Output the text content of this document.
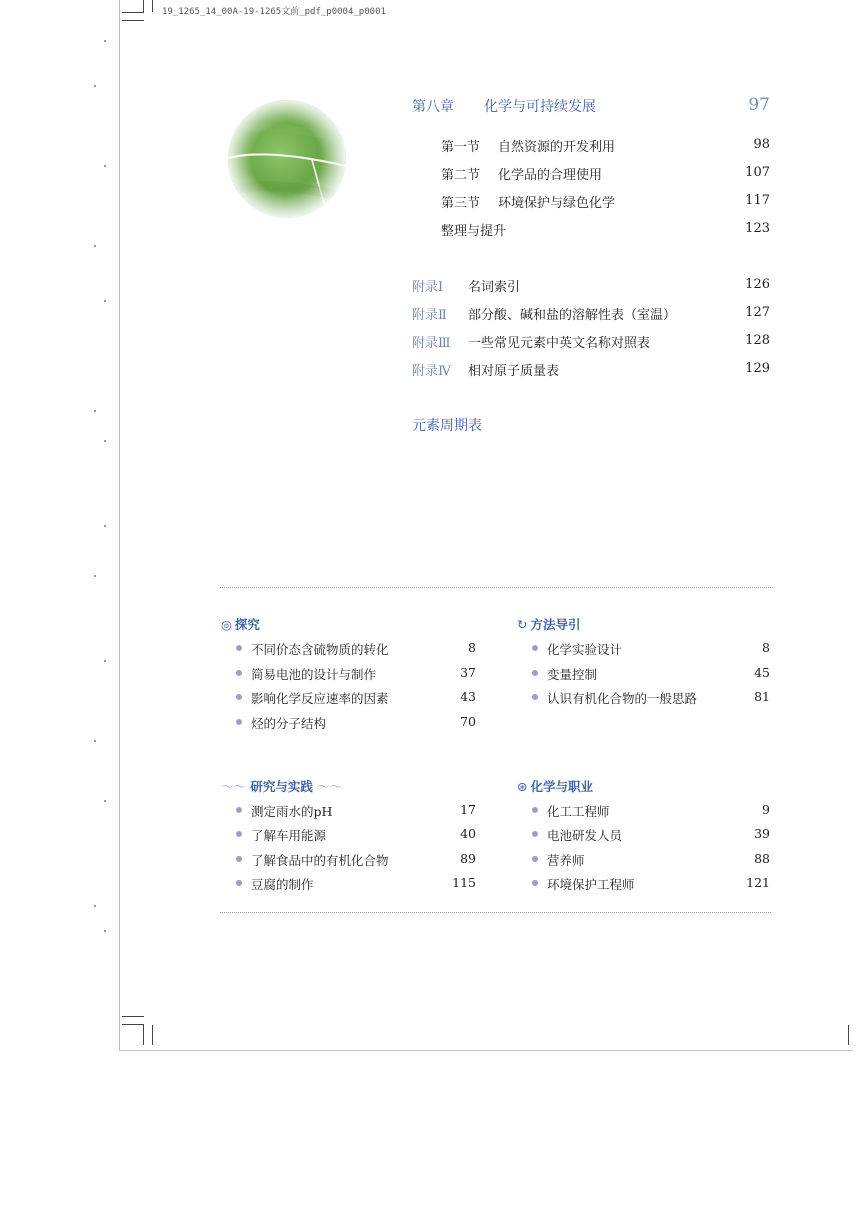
19_1265_14_00A-19-1265文前_pdf_p0004_p0001
第八章 化学与可持续发展	97
第一节 自然资源的开发利用	98
第二节 化学品的合理使用	107
第三节 环境保护与绿色化学	117
整理与提升	123
附录Ⅰ 名词索引	126
附录Ⅱ 部分酸、碱和盐的溶解性表（室温）	127
附录Ⅲ 一些常见元素中英文名称对照表	128
附录Ⅳ 相对原子质量表	129
元素周期表
◎ 探究
不同价态含硫物质的转化	8
简易电池的设计与制作	37
影响化学反应速率的因素	43
烃的分子结构	70
↻ 方法导引
化学实验设计	8
变量控制	45
认识有机化合物的一般思路	81
～～ 研究与实践 ～～
测定雨水的pH	17
了解车用能源	40
了解食品中的有机化合物	89
豆腐的制作	115
⊛ 化学与职业
化工工程师	9
电池研发人员	39
营养师	88
环境保护工程师	121
